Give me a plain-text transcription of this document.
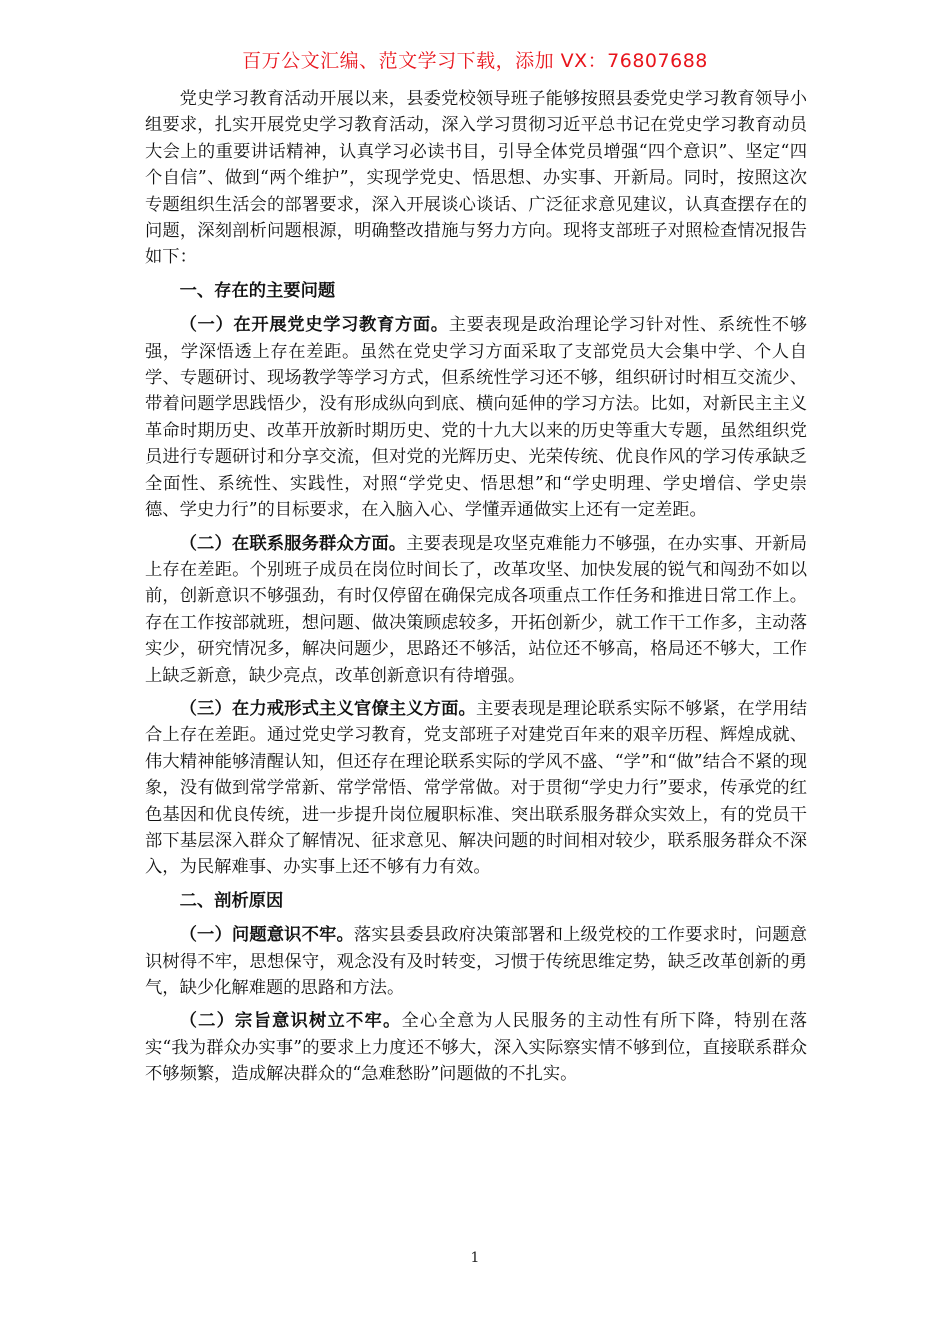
百万公文汇编、范文学习下载，添加 VX：76807688

党史学习教育活动开展以来，县委党校领导班子能够按照县委党史学习教育领导小组要求，扎实开展党史学习教育活动，深入学习贯彻习近平总书记在党史学习教育动员大会上的重要讲话精神，认真学习必读书目，引导全体党员增强“四个意识”、坚定“四个自信”、做到“两个维护”，实现学党史、悟思想、办实事、开新局。同时，按照这次专题组织生活会的部署要求，深入开展谈心谈话、广泛征求意见建议，认真查摆存在的问题，深刻剖析问题根源，明确整改措施与努力方向。现将支部班子对照检查情况报告如下：

一、存在的主要问题

（一）在开展党史学习教育方面。主要表现是政治理论学习针对性、系统性不够强，学深悟透上存在差距。虽然在党史学习方面采取了支部党员大会集中学、个人自学、专题研讨、现场教学等学习方式，但系统性学习还不够，组织研讨时相互交流少、带着问题学思践悟少，没有形成纵向到底、横向延伸的学习方法。比如，对新民主主义革命时期历史、改革开放新时期历史、党的十九大以来的历史等重大专题，虽然组织党员进行专题研讨和分享交流，但对党的光辉历史、光荣传统、优良作风的学习传承缺乏全面性、系统性、实践性，对照“学党史、悟思想”和“学史明理、学史增信、学史崇德、学史力行”的目标要求，在入脑入心、学懂弄通做实上还有一定差距。

（二）在联系服务群众方面。主要表现是攻坚克难能力不够强，在办实事、开新局上存在差距。个别班子成员在岗位时间长了，改革攻坚、加快发展的锐气和闯劲不如以前，创新意识不够强劲，有时仅停留在确保完成各项重点工作任务和推进日常工作上。存在工作按部就班，想问题、做决策顾虑较多，开拓创新少，就工作干工作多，主动落实少，研究情况多，解决问题少，思路还不够活，站位还不够高，格局还不够大，工作上缺乏新意，缺少亮点，改革创新意识有待增强。

（三）在力戒形式主义官僚主义方面。主要表现是理论联系实际不够紧，在学用结合上存在差距。通过党史学习教育，党支部班子对建党百年来的艰辛历程、辉煌成就、伟大精神能够清醒认知，但还存在理论联系实际的学风不盛、“学”和“做”结合不紧的现象，没有做到常学常新、常学常悟、常学常做。对于贯彻“学史力行”要求，传承党的红色基因和优良传统，进一步提升岗位履职标准、突出联系服务群众实效上，有的党员干部下基层深入群众了解情况、征求意见、解决问题的时间相对较少，联系服务群众不深入，为民解难事、办实事上还不够有力有效。

二、剖析原因

（一）问题意识不牢。落实县委县政府决策部署和上级党校的工作要求时，问题意识树得不牢，思想保守，观念没有及时转变，习惯于传统思维定势，缺乏改革创新的勇气，缺少化解难题的思路和方法。

（二）宗旨意识树立不牢。全心全意为人民服务的主动性有所下降，特别在落实“我为群众办实事”的要求上力度还不够大，深入实际察实情不够到位，直接联系群众不够频繁，造成解决群众的“急难愁盼”问题做的不扎实。

1
